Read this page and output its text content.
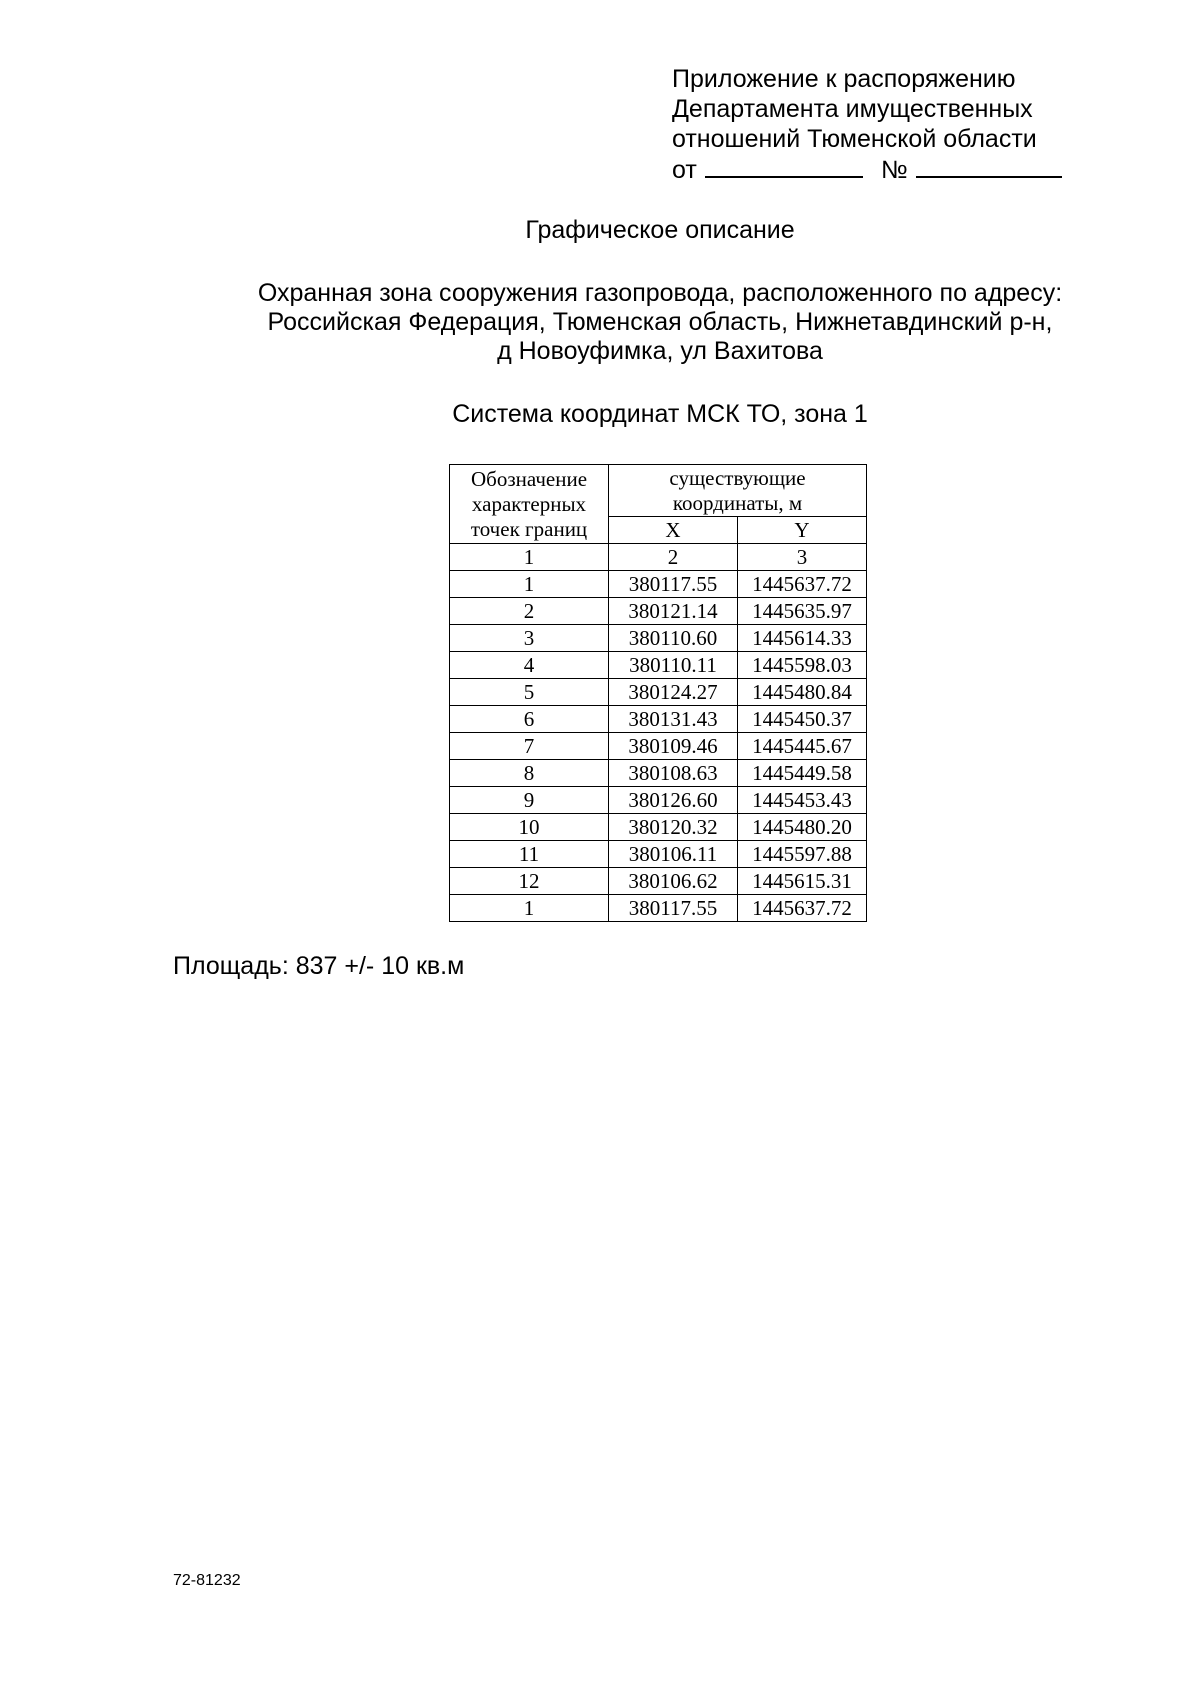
Приложение к распоряжению
Департамента имущественных
отношений Тюменской области
от	№
Графическое описание
Охранная зона сооружения газопровода, расположенного по адресу:
Российская Федерация, Тюменская область, Нижнетавдинский р-н,
д Новоуфимка, ул Вахитова
Система координат МСК ТО, зона 1
Обозначение характерных точек границ	существующие координаты, м	
	X	Y
1	2	3
1	380117.55	1445637.72
2	380121.14	1445635.97
3	380110.60	1445614.33
4	380110.11	1445598.03
5	380124.27	1445480.84
6	380131.43	1445450.37
7	380109.46	1445445.67
8	380108.63	1445449.58
9	380126.60	1445453.43
10	380120.32	1445480.20
11	380106.11	1445597.88
12	380106.62	1445615.31
1	380117.55	1445637.72
Площадь: 837 +/- 10 кв.м
72-81232
